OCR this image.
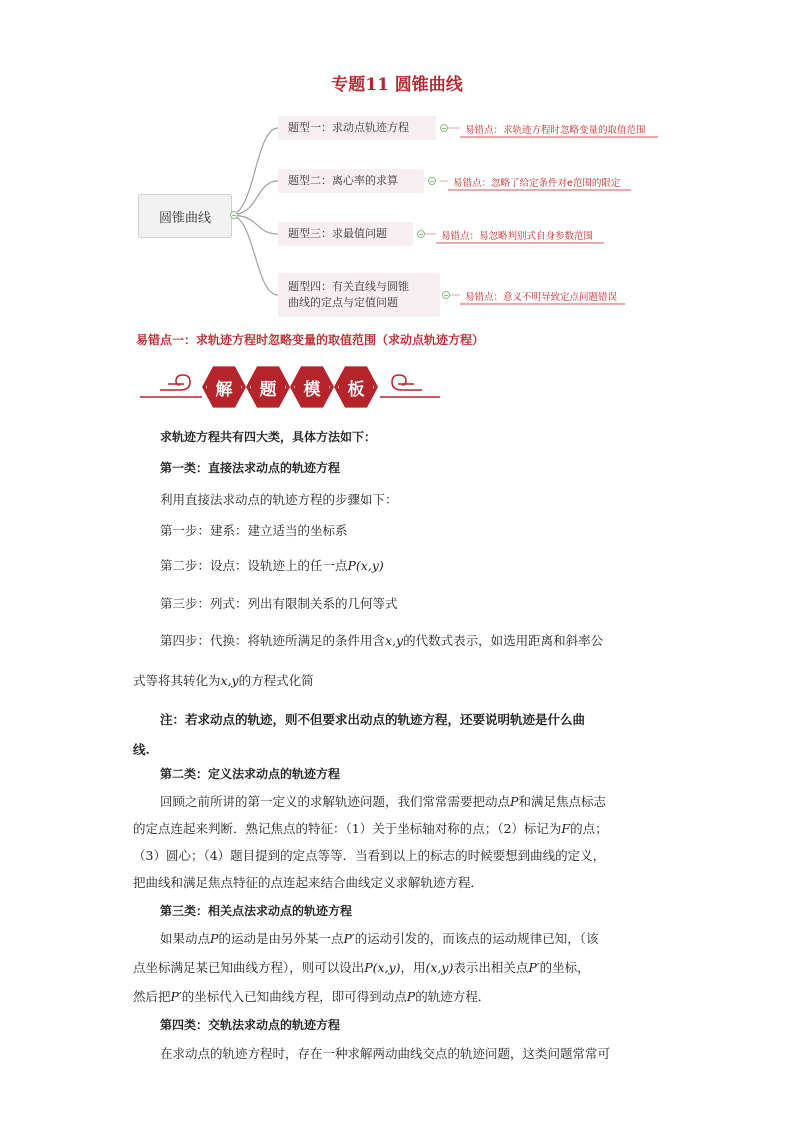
专题11 圆锥曲线
圆锥曲线
题型一：求动点轨迹方程	易错点：求轨迹方程时忽略变量的取值范围
题型二：离心率的求算	易错点：忽略了给定条件对e范围的限定
题型三：求最值问题	易错点：易忽略判别式自身参数范围
题型四：有关直线与圆锥
曲线的定点与定值问题	易错点：意义不明导致定点问题错误
易错点一：求轨迹方程时忽略变量的取值范围（求动点轨迹方程）
解	题	模	板
求轨迹方程共有四大类，具体方法如下：
第一类：直接法求动点的轨迹方程
利用直接法求动点的轨迹方程的步骤如下：
第一步：建系：建立适当的坐标系
第二步：设点：设轨迹上的任一点P(x,y)
第三步：列式：列出有限制关系的几何等式
第四步：代换：将轨迹所满足的条件用含x,y的代数式表示，如选用距离和斜率公
式等将其转化为x,y的方程式化简
注：若求动点的轨迹，则不但要求出动点的轨迹方程，还要说明轨迹是什么曲
线.
第二类：定义法求动点的轨迹方程
回顾之前所讲的第一定义的求解轨迹问题，我们常常需要把动点P和满足焦点标志
的定点连起来判断．熟记焦点的特征：（1）关于坐标轴对称的点；（2）标记为F的点；
（3）圆心；（4）题目提到的定点等等．当看到以上的标志的时候要想到曲线的定义，
把曲线和满足焦点特征的点连起来结合曲线定义求解轨迹方程．
第三类：相关点法求动点的轨迹方程
如果动点P的运动是由另外某一点P′的运动引发的，而该点的运动规律已知，（该
点坐标满足某已知曲线方程），则可以设出P(x,y)，用(x,y)表示出相关点P′的坐标，
然后把P′的坐标代入已知曲线方程，即可得到动点P的轨迹方程．
第四类：交轨法求动点的轨迹方程
在求动点的轨迹方程时，存在一种求解两动曲线交点的轨迹问题，这类问题常常可
